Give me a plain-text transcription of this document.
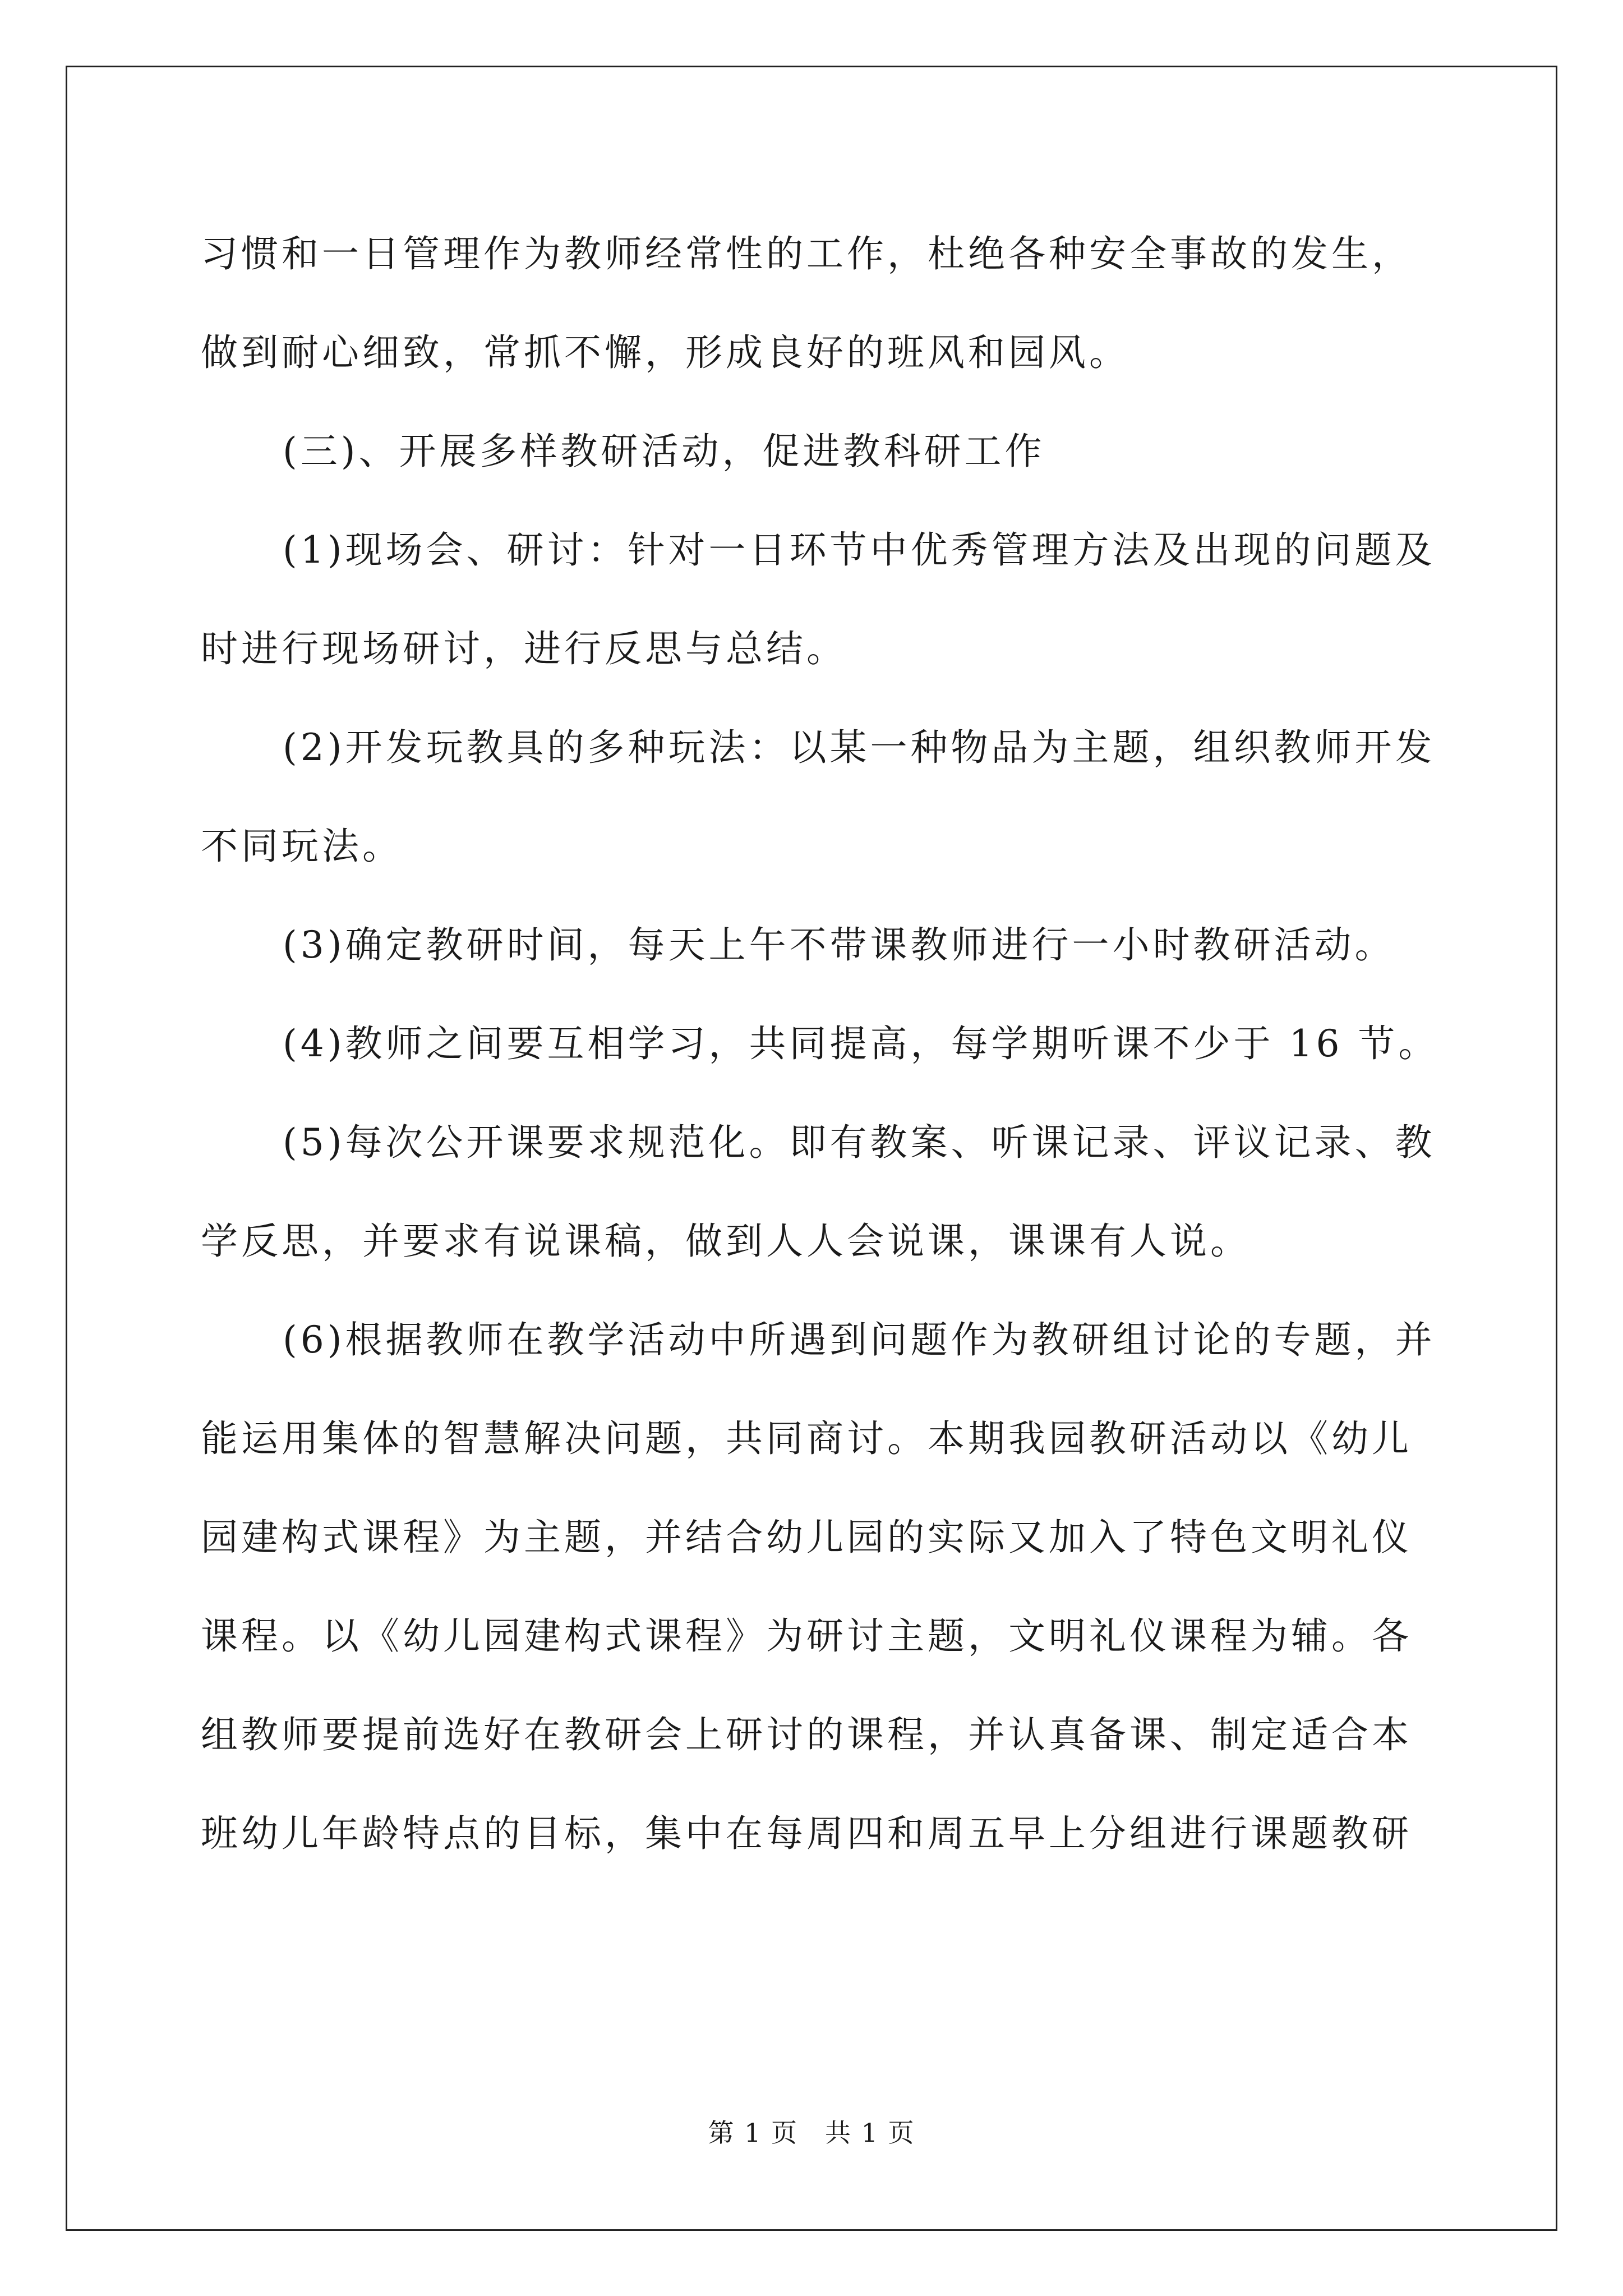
习惯和一日管理作为教师经常性的工作，杜绝各种安全事故的发生，
做到耐心细致，常抓不懈，形成良好的班风和园风。
(三)、开展多样教研活动，促进教科研工作
(1)现场会、研讨：针对一日环节中优秀管理方法及出现的问题及
时进行现场研讨，进行反思与总结。
(2)开发玩教具的多种玩法：以某一种物品为主题，组织教师开发
不同玩法。
(3)确定教研时间，每天上午不带课教师进行一小时教研活动。
(4)教师之间要互相学习，共同提高，每学期听课不少于 16 节。
(5)每次公开课要求规范化。即有教案、听课记录、评议记录、教
学反思，并要求有说课稿，做到人人会说课，课课有人说。
(6)根据教师在教学活动中所遇到问题作为教研组讨论的专题，并
能运用集体的智慧解决问题，共同商讨。本期我园教研活动以《幼儿
园建构式课程》为主题，并结合幼儿园的实际又加入了特色文明礼仪
课程。以《幼儿园建构式课程》为研讨主题，文明礼仪课程为辅。各
组教师要提前选好在教研会上研讨的课程，并认真备课、制定适合本
班幼儿年龄特点的目标，集中在每周四和周五早上分组进行课题教研
第 1 页　共 1 页
